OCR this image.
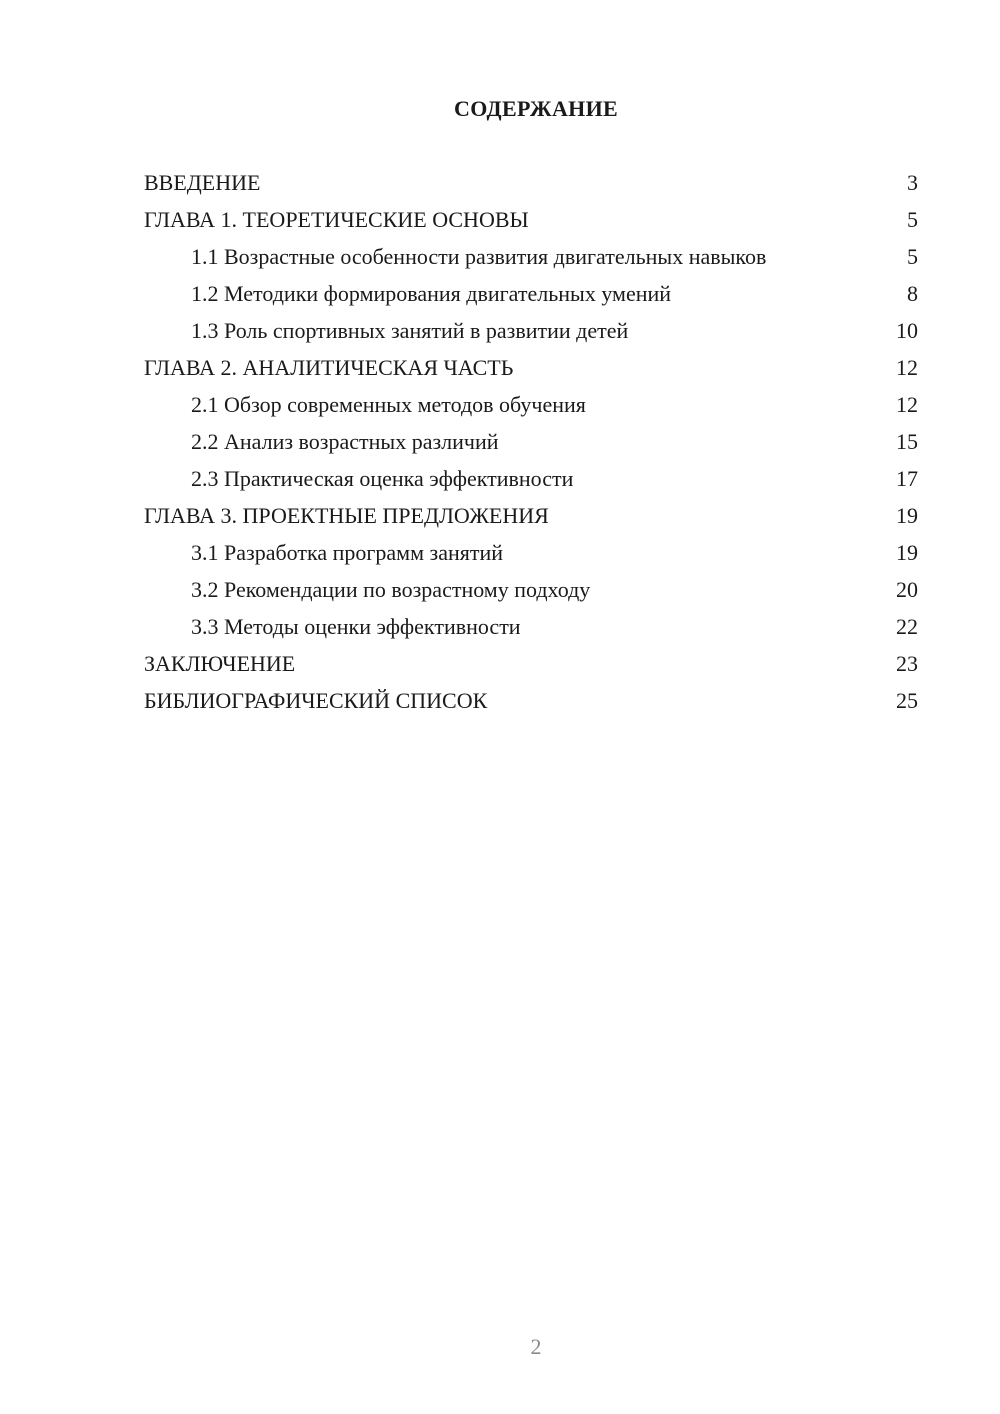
СОДЕРЖАНИЕ
ВВЕДЕНИЕ	3
ГЛАВА 1. ТЕОРЕТИЧЕСКИЕ ОСНОВЫ	5
1.1 Возрастные особенности развития двигательных навыков	5
1.2 Методики формирования двигательных умений	8
1.3 Роль спортивных занятий в развитии детей	10
ГЛАВА 2. АНАЛИТИЧЕСКАЯ ЧАСТЬ	12
2.1 Обзор современных методов обучения	12
2.2 Анализ возрастных различий	15
2.3 Практическая оценка эффективности	17
ГЛАВА 3. ПРОЕКТНЫЕ ПРЕДЛОЖЕНИЯ	19
3.1 Разработка программ занятий	19
3.2 Рекомендации по возрастному подходу	20
3.3 Методы оценки эффективности	22
ЗАКЛЮЧЕНИЕ	23
БИБЛИОГРАФИЧЕСКИЙ СПИСОК	25
2
